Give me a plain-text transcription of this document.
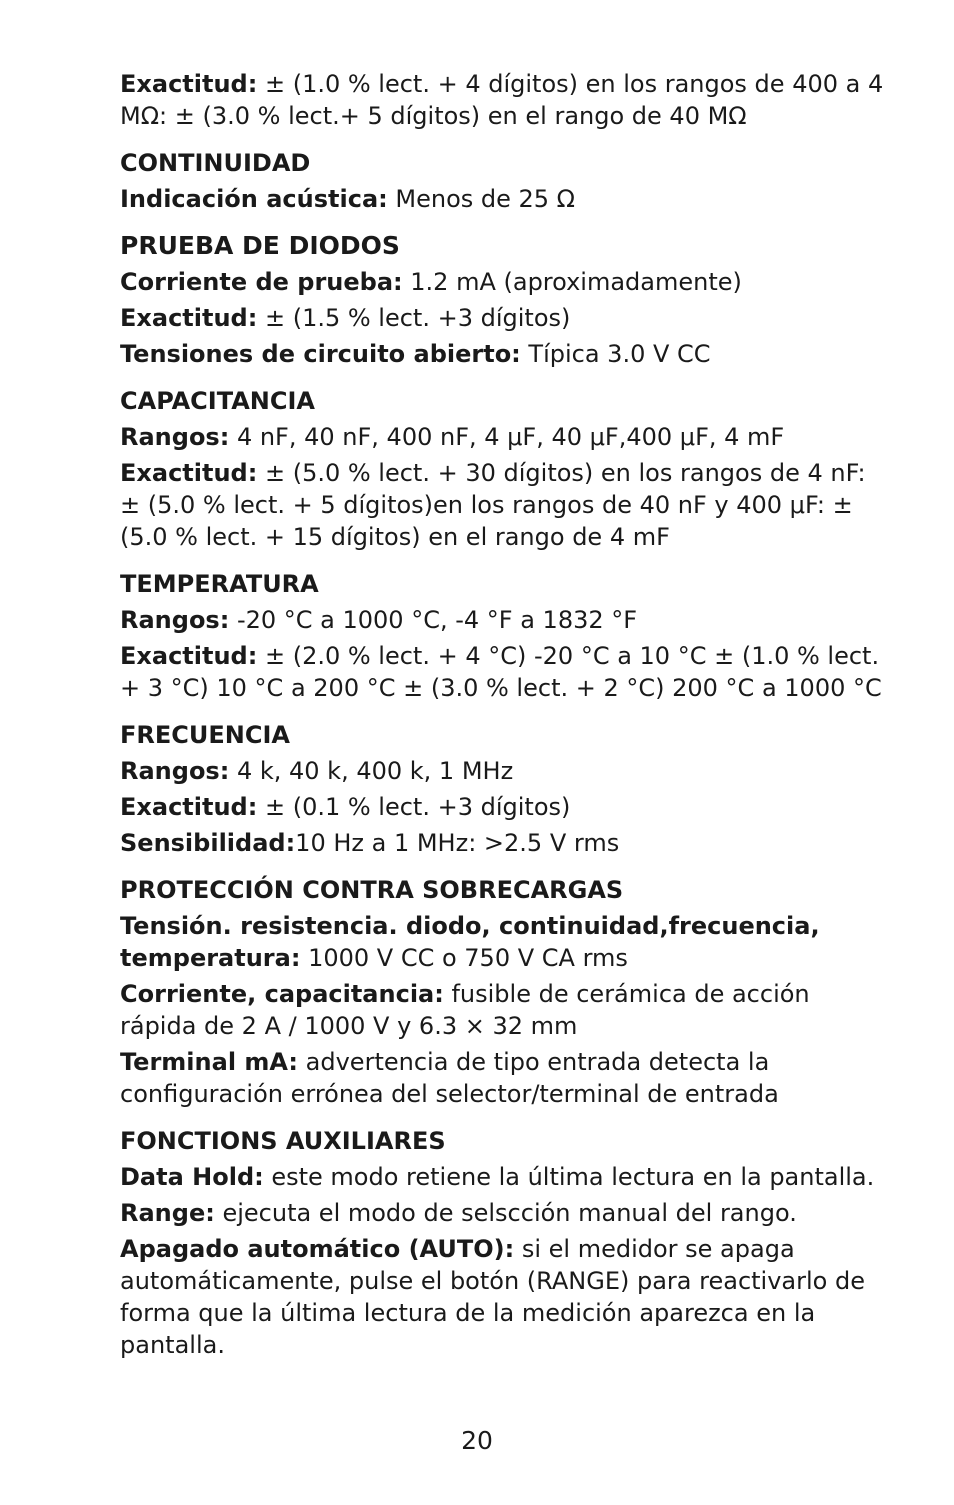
Exactitud: ± (1.0 % lect. + 4 dígitos) en los rangos de 400 a 4 MΩ: ± (3.0 % lect.+ 5 dígitos) en el rango de 40 MΩ

CONTINUIDAD

Indicación acústica: Menos de 25 Ω

PRUEBA DE DIODOS

Corriente de prueba: 1.2 mA (aproximadamente)

Exactitud: ± (1.5 % lect. +3 dígitos)

Tensiones de circuito abierto: Típica 3.0 V CC

CAPACITANCIA

Rangos: 4 nF, 40 nF, 400 nF, 4 μF, 40 μF,400 μF, 4 mF

Exactitud: ± (5.0 % lect. + 30 dígitos) en los rangos de 4 nF: ± (5.0 % lect. + 5 dígitos)en los rangos de 40 nF y 400 μF: ± (5.0 % lect. + 15 dígitos) en el rango de 4 mF

TEMPERATURA

Rangos: -20 °C a 1000 °C, -4 °F a 1832 °F

Exactitud: ± (2.0 % lect. + 4 °C) -20 °C a 10 °C ± (1.0 % lect. + 3 °C) 10 °C a 200 °C ± (3.0 % lect. + 2 °C) 200 °C a 1000 °C

FRECUENCIA

Rangos: 4 k, 40 k, 400 k, 1 MHz

Exactitud: ± (0.1 % lect. +3 dígitos)

Sensibilidad:10 Hz a 1 MHz: >2.5 V rms

PROTECCIÓN CONTRA SOBRECARGAS

Tensión. resistencia. diodo, continuidad,frecuencia, temperatura: 1000 V CC o 750 V CA rms

Corriente, capacitancia: fusible de cerámica de acción rápida de 2 A / 1000 V y 6.3 × 32 mm

Terminal mA: advertencia de tipo entrada detecta la configuración errónea del selector/terminal de entrada

FONCTIONS AUXILIARES

Data Hold: este modo retiene la última lectura en la pantalla.

Range: ejecuta el modo de selscción manual del rango.

Apagado automático (AUTO): si el medidor se apaga automáticamente, pulse el botón (RANGE) para reactivarlo de forma que la última lectura de la medición aparezca en la pantalla.

20
